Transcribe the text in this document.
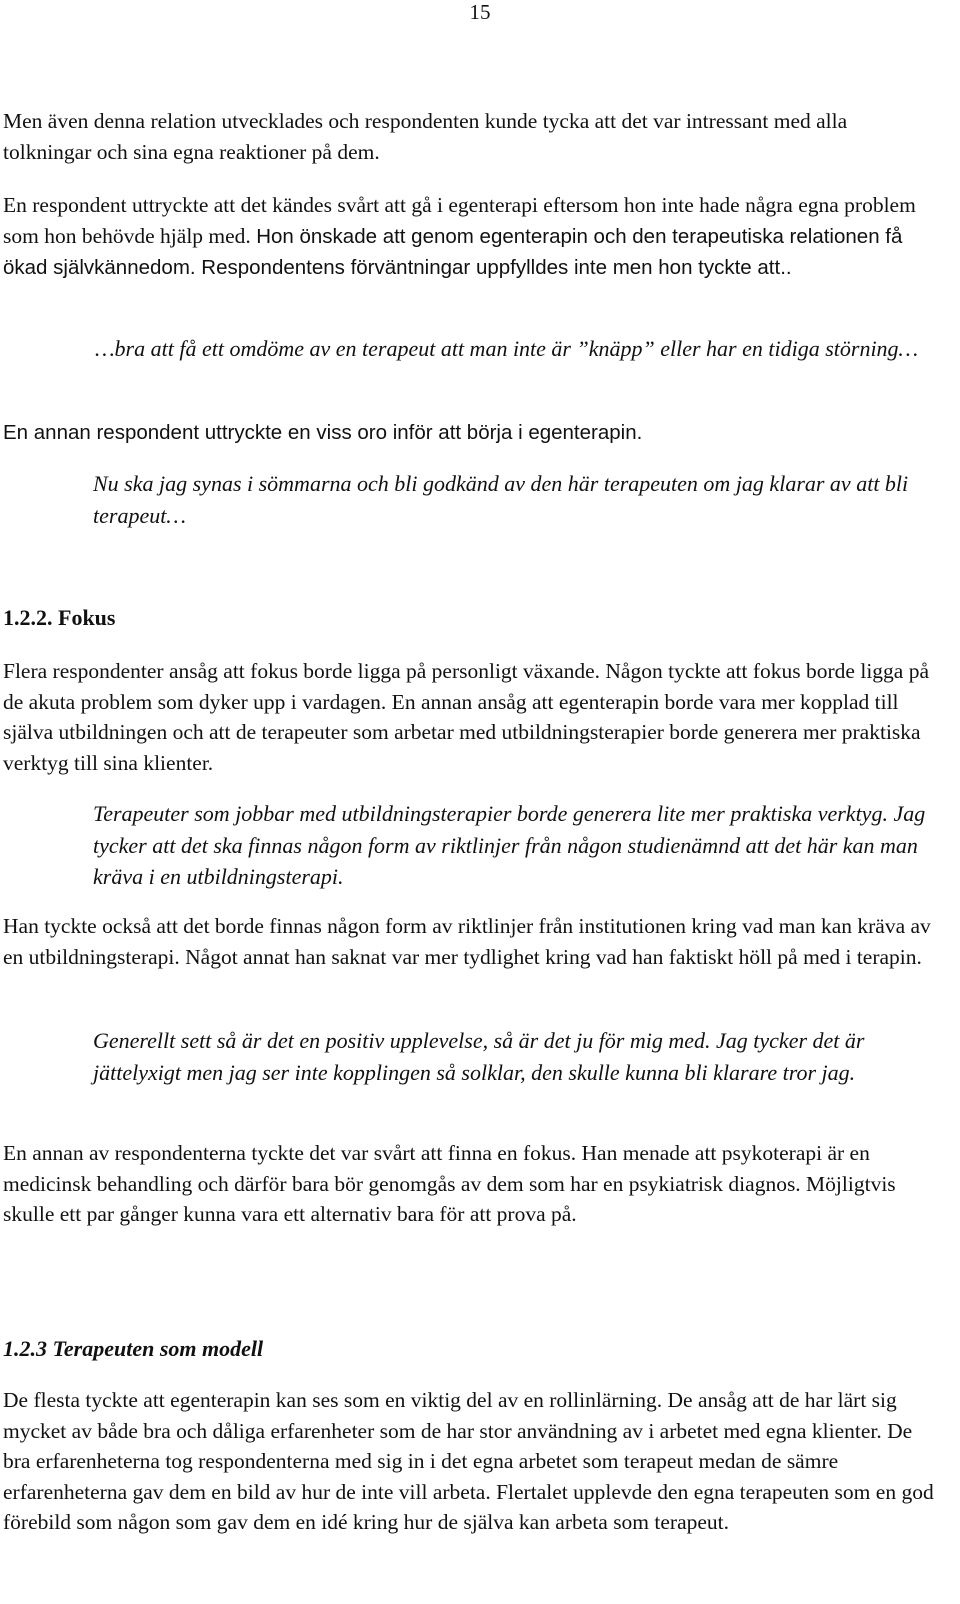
15

Men även denna relation utvecklades och respondenten kunde tycka att det var intressant med alla tolkningar och sina egna reaktioner på dem.

En respondent uttryckte att det kändes svårt att gå i egenterapi eftersom hon inte hade några egna problem som hon behövde hjälp med. Hon önskade att genom egenterapin och den terapeutiska relationen få ökad självkännedom. Respondentens förväntningar uppfylldes inte men hon tyckte att..

…bra att få ett omdöme av en terapeut att man inte är ”knäpp” eller har en tidiga störning…

En annan respondent uttryckte en viss oro inför att börja i egenterapin.

Nu ska jag synas i sömmarna och bli godkänd av den här terapeuten om jag klarar av att bli terapeut…

1.2.2. Fokus

Flera respondenter ansåg att fokus borde ligga på personligt växande. Någon tyckte att fokus borde ligga på de akuta problem som dyker upp i vardagen. En annan ansåg att egenterapin borde vara mer kopplad till själva utbildningen och att de terapeuter som arbetar med utbildningsterapier borde generera mer praktiska verktyg till sina klienter.

Terapeuter som jobbar med utbildningsterapier borde generera lite mer praktiska verktyg. Jag tycker att det ska finnas någon form av riktlinjer från någon studienämnd att det här kan man kräva i en utbildningsterapi.

Han tyckte också att det borde finnas någon form av riktlinjer från institutionen kring vad man kan kräva av en utbildningsterapi. Något annat han saknat var mer tydlighet kring vad han faktiskt höll på med i terapin.

Generellt sett så är det en positiv upplevelse, så är det ju för mig med. Jag tycker det är jättelyxigt men jag ser inte kopplingen så solklar, den skulle kunna bli klarare tror jag.

En annan av respondenterna tyckte det var svårt att finna en fokus. Han menade att psykoterapi är en medicinsk behandling och därför bara bör genomgås av dem som har en psykiatrisk diagnos. Möjligtvis skulle ett par gånger kunna vara ett alternativ bara för att prova på.

1.2.3 Terapeuten som modell

De flesta tyckte att egenterapin kan ses som en viktig del av en rollinlärning. De ansåg att de har lärt sig mycket av både bra och dåliga erfarenheter som de har stor användning av i arbetet med egna klienter. De bra erfarenheterna tog respondenterna med sig in i det egna arbetet som terapeut medan de sämre erfarenheterna gav dem en bild av hur de inte vill arbeta. Flertalet upplevde den egna terapeuten som en god förebild som någon som gav dem en idé kring hur de själva kan arbeta som terapeut.
